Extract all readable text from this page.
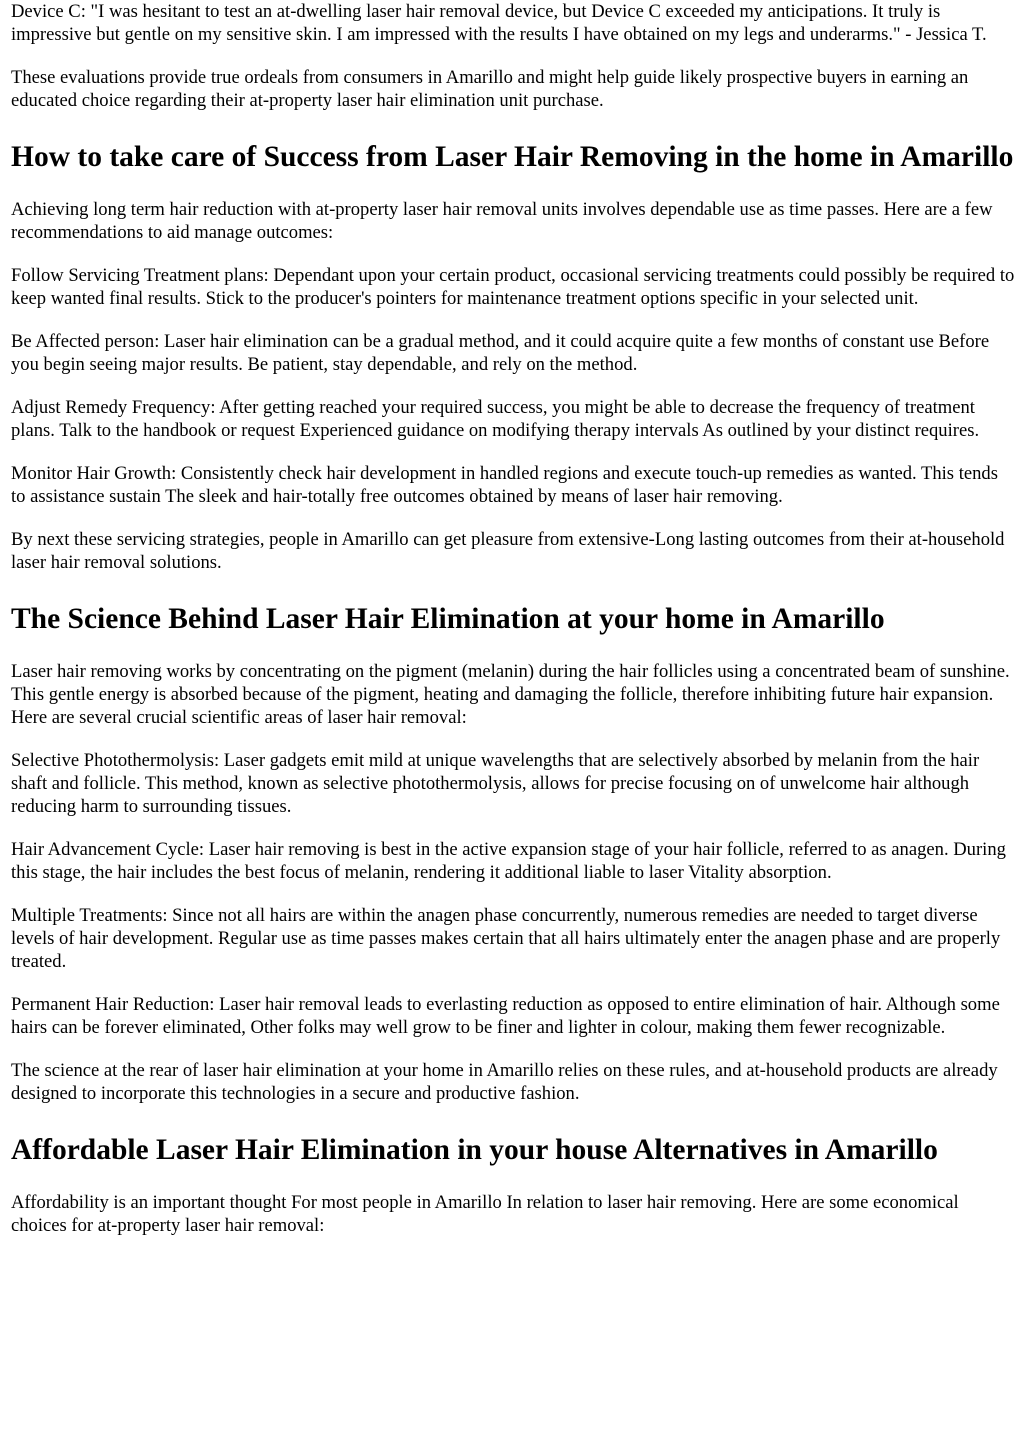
Device C: "I was hesitant to test an at-dwelling laser hair removal device, but Device C exceeded my anticipations. It truly is impressive but gentle on my sensitive skin. I am impressed with the results I have obtained on my legs and underarms." - Jessica T.

These evaluations provide true ordeals from consumers in Amarillo and might help guide likely prospective buyers in earning an educated choice regarding their at-property laser hair elimination unit purchase.

How to take care of Success from Laser Hair Removing in the home in Amarillo

Achieving long term hair reduction with at-property laser hair removal units involves dependable use as time passes. Here are a few recommendations to aid manage outcomes:

Follow Servicing Treatment plans: Dependant upon your certain product, occasional servicing treatments could possibly be required to keep wanted final results. Stick to the producer's pointers for maintenance treatment options specific in your selected unit.

Be Affected person: Laser hair elimination can be a gradual method, and it could acquire quite a few months of constant use Before you begin seeing major results. Be patient, stay dependable, and rely on the method.

Adjust Remedy Frequency: After getting reached your required success, you might be able to decrease the frequency of treatment plans. Talk to the handbook or request Experienced guidance on modifying therapy intervals As outlined by your distinct requires.

Monitor Hair Growth: Consistently check hair development in handled regions and execute touch-up remedies as wanted. This tends to assistance sustain The sleek and hair-totally free outcomes obtained by means of laser hair removing.

By next these servicing strategies, people in Amarillo can get pleasure from extensive-Long lasting outcomes from their at-household laser hair removal solutions.

The Science Behind Laser Hair Elimination at your home in Amarillo

Laser hair removing works by concentrating on the pigment (melanin) during the hair follicles using a concentrated beam of sunshine. This gentle energy is absorbed because of the pigment, heating and damaging the follicle, therefore inhibiting future hair expansion. Here are several crucial scientific areas of laser hair removal:

Selective Photothermolysis: Laser gadgets emit mild at unique wavelengths that are selectively absorbed by melanin from the hair shaft and follicle. This method, known as selective photothermolysis, allows for precise focusing on of unwelcome hair although reducing harm to surrounding tissues.

Hair Advancement Cycle: Laser hair removing is best in the active expansion stage of your hair follicle, referred to as anagen. During this stage, the hair includes the best focus of melanin, rendering it additional liable to laser Vitality absorption.

Multiple Treatments: Since not all hairs are within the anagen phase concurrently, numerous remedies are needed to target diverse levels of hair development. Regular use as time passes makes certain that all hairs ultimately enter the anagen phase and are properly treated.

Permanent Hair Reduction: Laser hair removal leads to everlasting reduction as opposed to entire elimination of hair. Although some hairs can be forever eliminated, Other folks may well grow to be finer and lighter in colour, making them fewer recognizable.

The science at the rear of laser hair elimination at your home in Amarillo relies on these rules, and at-household products are already designed to incorporate this technologies in a secure and productive fashion.

Affordable Laser Hair Elimination in your house Alternatives in Amarillo

Affordability is an important thought For most people in Amarillo In relation to laser hair removing. Here are some economical choices for at-property laser hair removal:
